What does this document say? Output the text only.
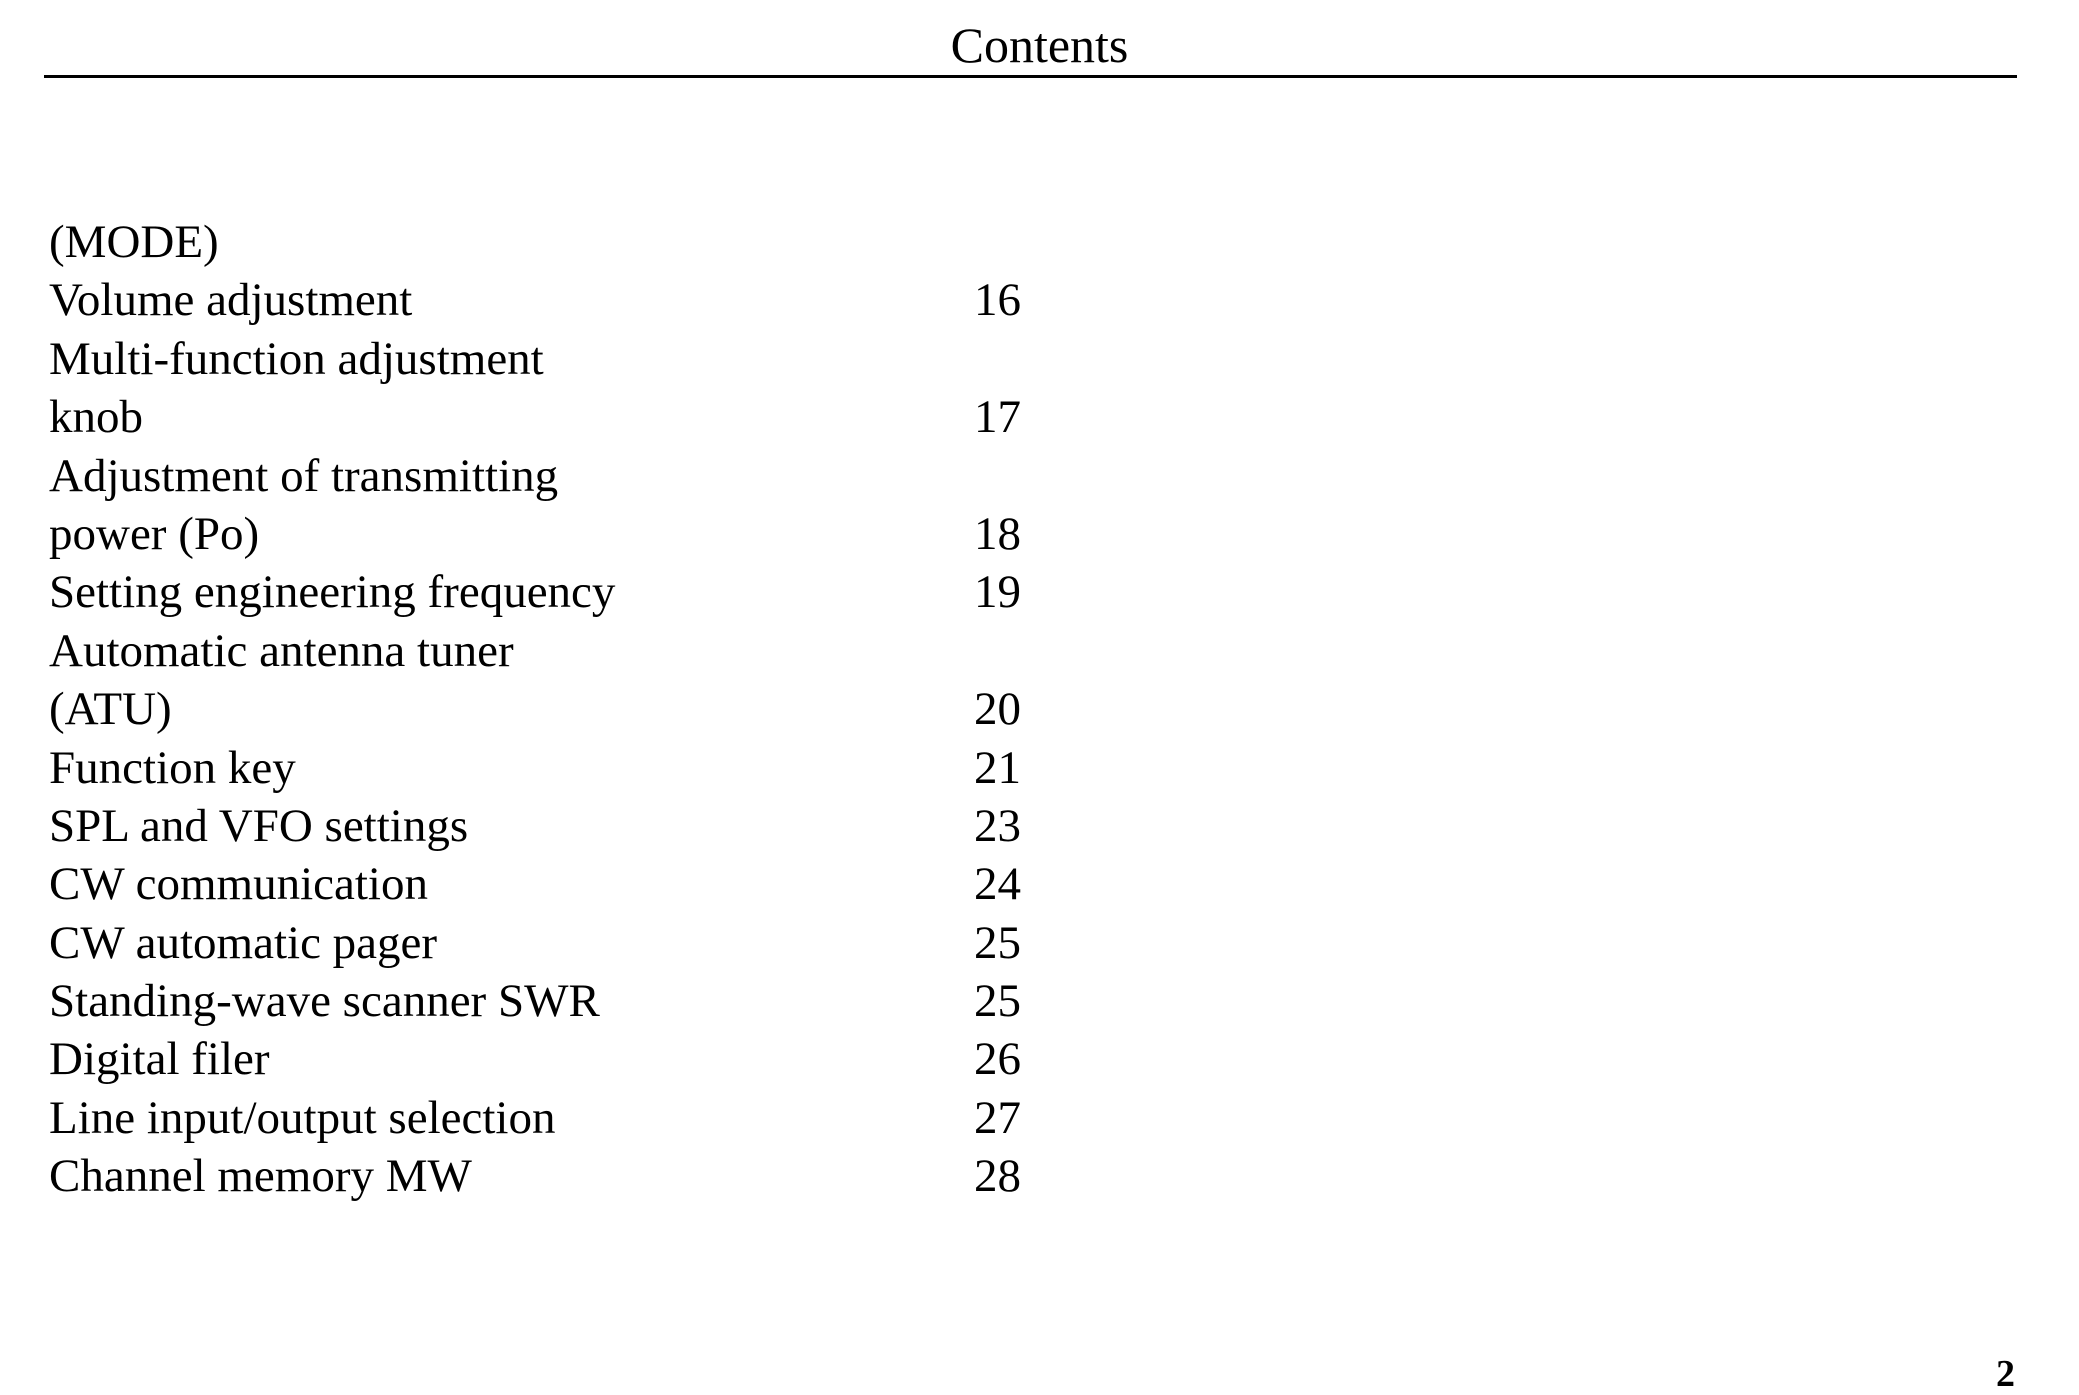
Contents
(MODE)
Volume adjustment	16
Multi-function adjustment
knob	17
Adjustment of transmitting
power (Po)	18
Setting engineering frequency	19
Automatic antenna tuner
(ATU)	20
Function key	21
SPL and VFO settings	23
CW communication	24
CW automatic pager	25
Standing-wave scanner SWR	25
Digital filer	26
Line input/output selection	27
Channel memory MW	28
2
